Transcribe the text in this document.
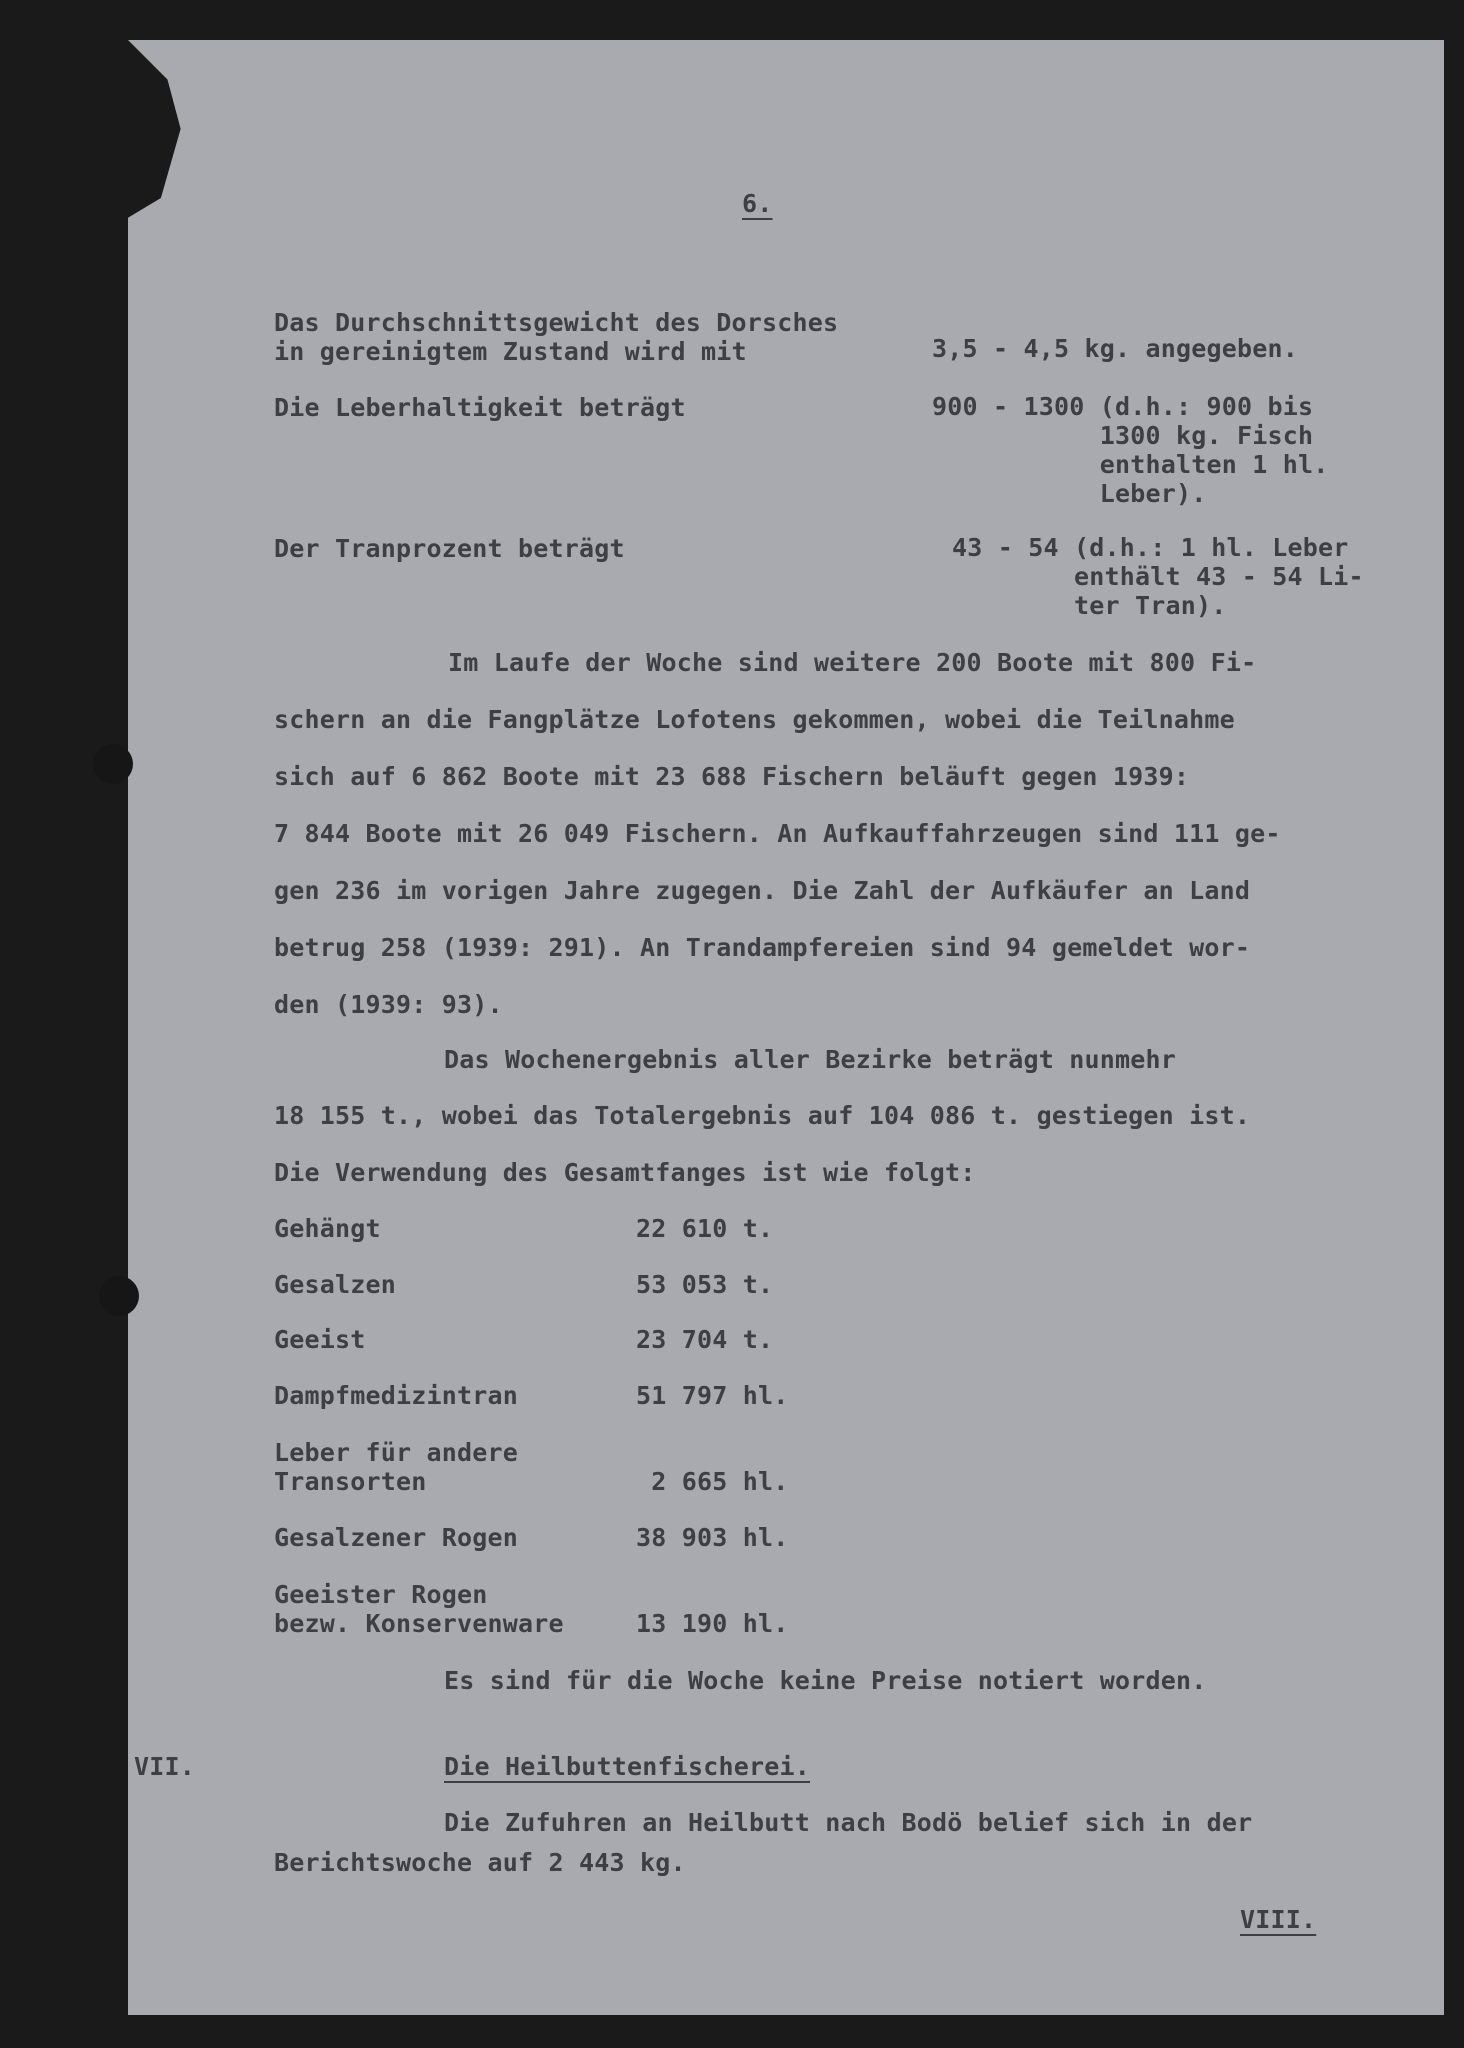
6.
Das Durchschnittsgewicht des Dorsches
in gereinigtem Zustand wird mit	3,5 - 4,5 kg. angegeben.
Die Leberhaltigkeit beträgt	900 - 1300 (d.h.: 900 bis
1300 kg. Fisch
enthalten 1 hl.
Leber).
Der Tranprozent beträgt	43 - 54 (d.h.: 1 hl. Leber
enthält 43 - 54 Li-
ter Tran).
Im Laufe der Woche sind weitere 200 Boote mit 800 Fi-
schern an die Fangplätze Lofotens gekommen, wobei die Teilnahme
sich auf 6 862 Boote mit 23 688 Fischern beläuft gegen 1939:
7 844 Boote mit 26 049 Fischern. An Aufkauffahrzeugen sind 111 ge-
gen 236 im vorigen Jahre zugegen. Die Zahl der Aufkäufer an Land
betrug 258 (1939: 291). An Trandampfereien sind 94 gemeldet wor-
den (1939: 93).
Das Wochenergebnis aller Bezirke beträgt nunmehr
18 155 t., wobei das Totalergebnis auf 104 086 t. gestiegen ist.
Die Verwendung des Gesamtfanges ist wie folgt:
Gehängt	22 610 t.
Gesalzen	53 053 t.
Geeist	23 704 t.
Dampfmedizintran	51 797 hl.
Leber für andere
Transorten	2 665 hl.
Gesalzener Rogen	38 903 hl.
Geeister Rogen
bezw. Konservenware	13 190 hl.
Es sind für die Woche keine Preise notiert worden.
VII.	Die Heilbuttenfischerei.
Die Zufuhren an Heilbutt nach Bodö belief sich in der
Berichtswoche auf 2 443 kg.
VIII.
